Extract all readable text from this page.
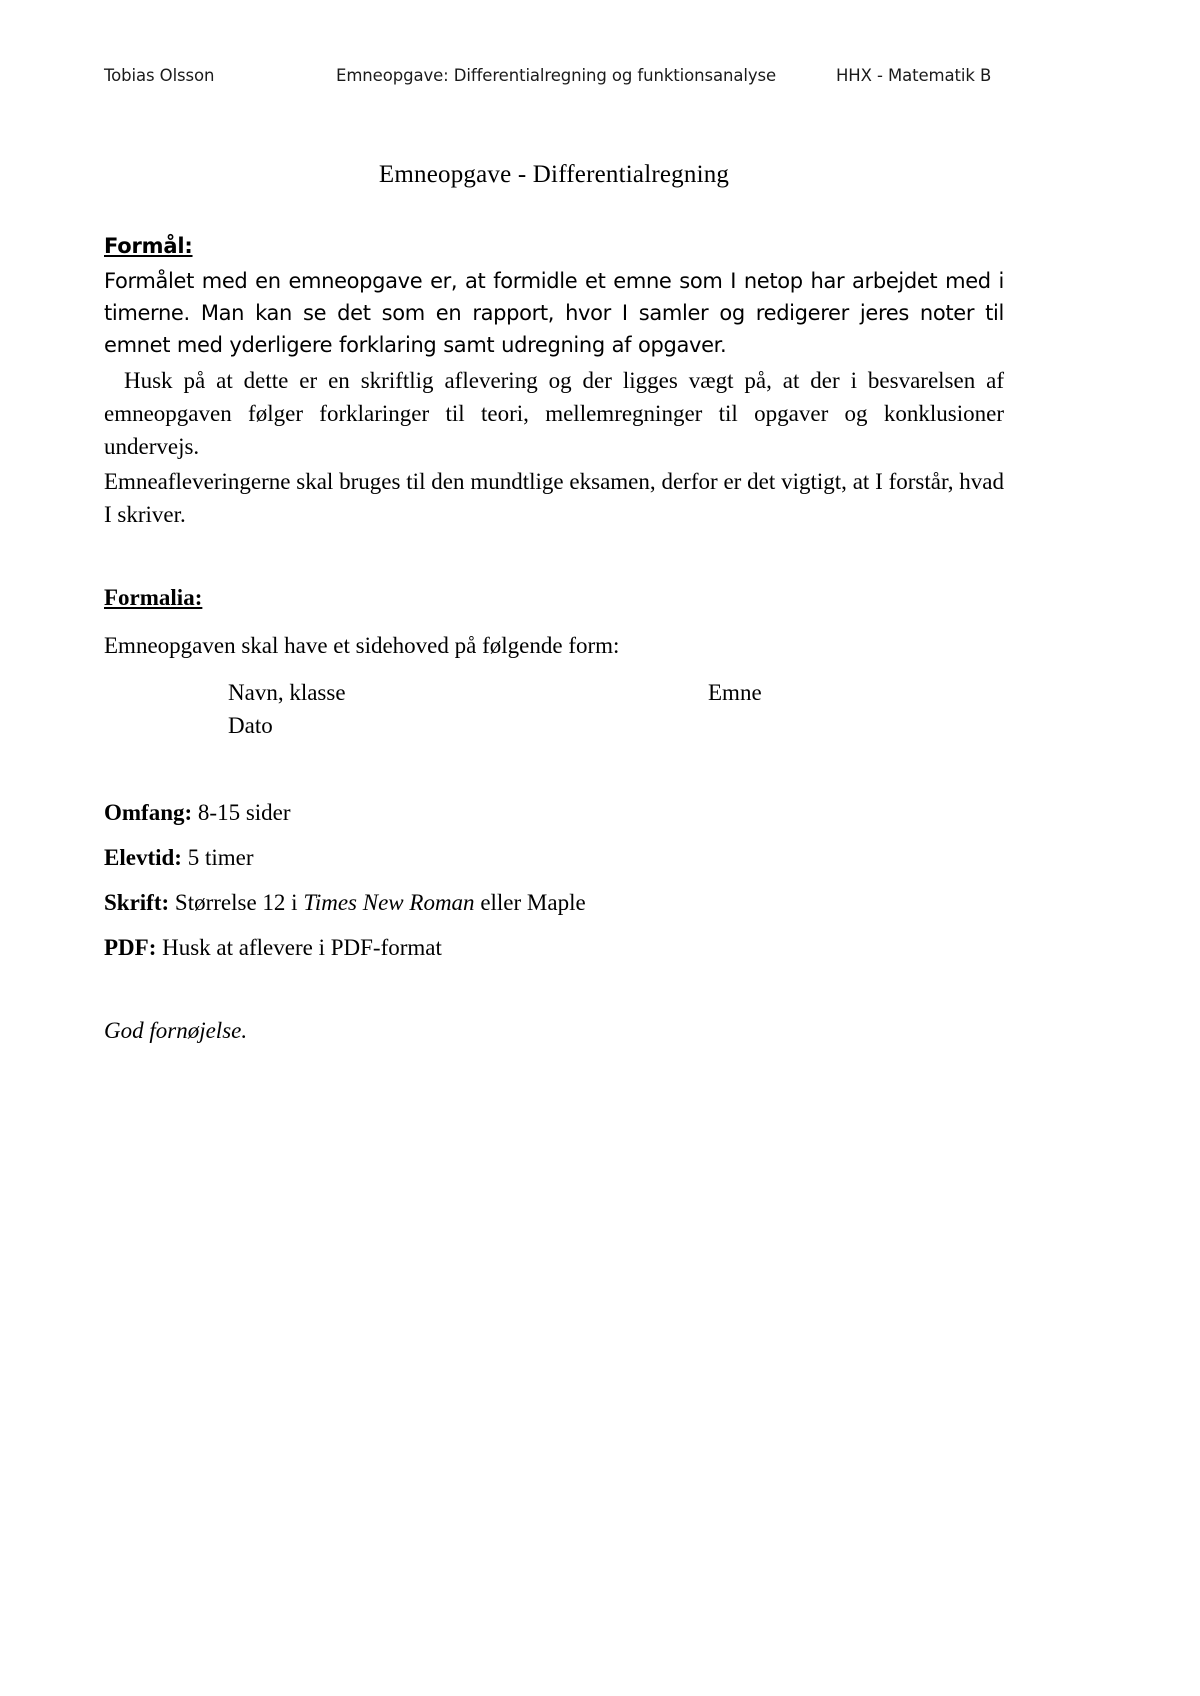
Tobias Olsson	Emneopgave: Differentialregning og funktionsanalyse	HHX - Matematik B
Emneopgave - Differentialregning
Formål:

Formålet med en emneopgave er, at formidle et emne som I netop har arbejdet med i timerne. Man kan se det som en rapport, hvor I samler og redigerer jeres noter til emnet med yderligere forklaring samt udregning af opgaver.

Husk på at dette er en skriftlig aflevering og der ligges vægt på, at der i besvarelsen af emneopgaven følger forklaringer til teori, mellemregninger til opgaver og konklusioner undervejs.

Emneafleveringerne skal bruges til den mundtlige eksamen, derfor er det vigtigt, at I forstår, hvad I skriver.

Formalia:

Emneopgaven skal have et sidehoved på følgende form:

Navn, klasse	Emne
Dato
Omfang: 8-15 sider
Elevtid: 5 timer
Skrift: Størrelse 12 i Times New Roman eller Maple
PDF: Husk at aflevere i PDF-format
God fornøjelse.
